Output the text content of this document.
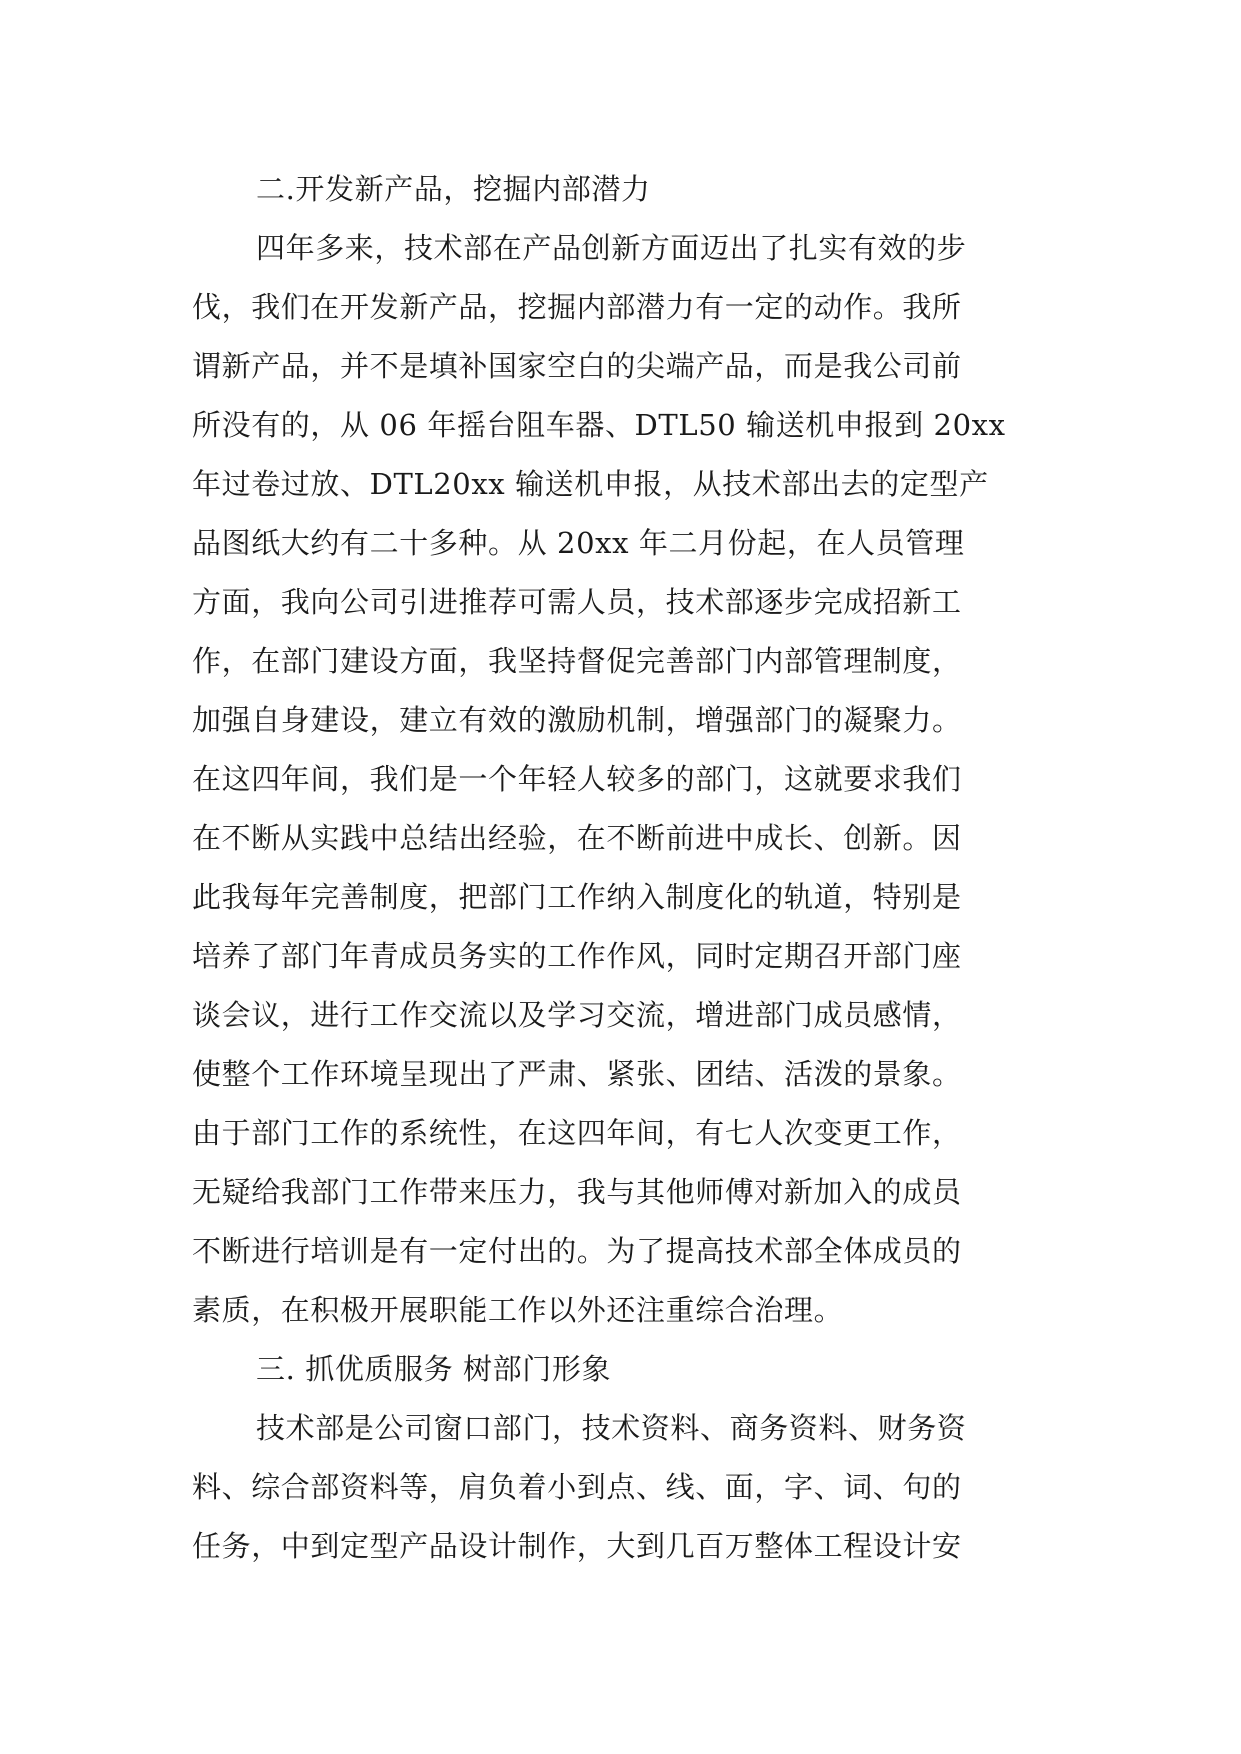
二.开发新产品，挖掘内部潜力
四年多来，技术部在产品创新方面迈出了扎实有效的步
伐，我们在开发新产品，挖掘内部潜力有一定的动作。我所
谓新产品，并不是填补国家空白的尖端产品，而是我公司前
所没有的，从 06 年摇台阻车器、DTL50 输送机申报到 20xx
年过卷过放、DTL20xx 输送机申报，从技术部出去的定型产
品图纸大约有二十多种。从 20xx 年二月份起，在人员管理
方面，我向公司引进推荐可需人员，技术部逐步完成招新工
作，在部门建设方面，我坚持督促完善部门内部管理制度，
加强自身建设，建立有效的激励机制，增强部门的凝聚力。
在这四年间，我们是一个年轻人较多的部门，这就要求我们
在不断从实践中总结出经验，在不断前进中成长、创新。因
此我每年完善制度，把部门工作纳入制度化的轨道，特别是
培养了部门年青成员务实的工作作风，同时定期召开部门座
谈会议，进行工作交流以及学习交流，增进部门成员感情，
使整个工作环境呈现出了严肃、紧张、团结、活泼的景象。
由于部门工作的系统性，在这四年间，有七人次变更工作，
无疑给我部门工作带来压力，我与其他师傅对新加入的成员
不断进行培训是有一定付出的。为了提高技术部全体成员的
素质，在积极开展职能工作以外还注重综合治理。
三. 抓优质服务 树部门形象
技术部是公司窗口部门，技术资料、商务资料、财务资
料、综合部资料等，肩负着小到点、线、面，字、词、句的
任务，中到定型产品设计制作，大到几百万整体工程设计安
